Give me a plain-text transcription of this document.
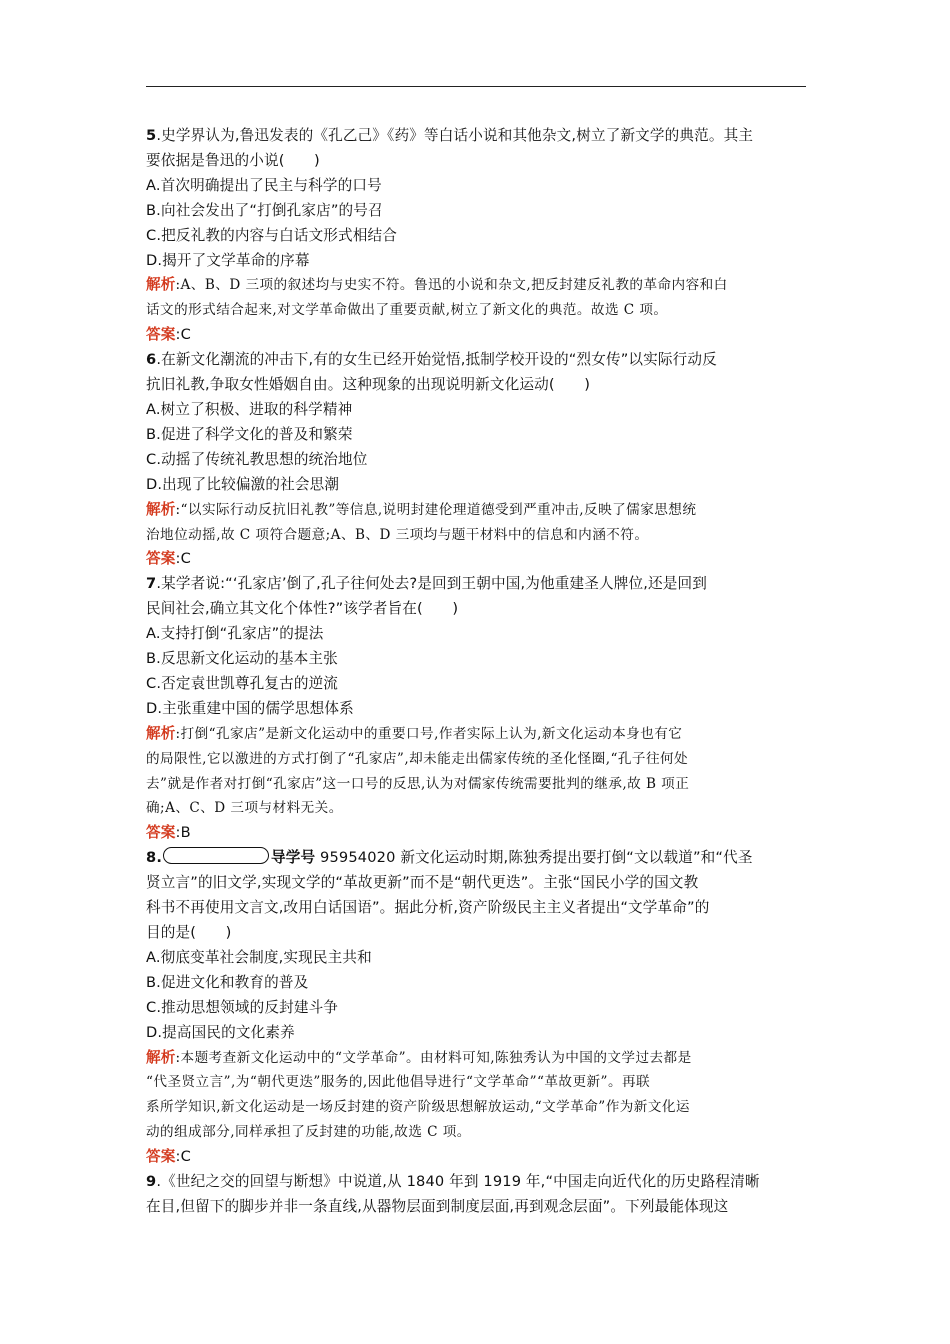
5.史学界认为,鲁迅发表的《孔乙己》《药》等白话小说和其他杂文,树立了新文学的典范。其主
要依据是鲁迅的小说(　　)
A.首次明确提出了民主与科学的口号
B.向社会发出了“打倒孔家店”的号召
C.把反礼教的内容与白话文形式相结合
D.揭开了文学革命的序幕
解析:A、B、D 三项的叙述均与史实不符。鲁迅的小说和杂文,把反封建反礼教的革命内容和白
话文的形式结合起来,对文学革命做出了重要贡献,树立了新文化的典范。故选 C 项。
答案:C
6.在新文化潮流的冲击下,有的女生已经开始觉悟,抵制学校开设的“烈女传”以实际行动反
抗旧礼教,争取女性婚姻自由。这种现象的出现说明新文化运动(　　)
A.树立了积极、进取的科学精神
B.促进了科学文化的普及和繁荣
C.动摇了传统礼教思想的统治地位
D.出现了比较偏激的社会思潮
解析:“以实际行动反抗旧礼教”等信息,说明封建伦理道德受到严重冲击,反映了儒家思想统
治地位动摇,故 C 项符合题意;A、B、D 三项均与题干材料中的信息和内涵不符。
答案:C
7.某学者说:“‘孔家店’倒了,孔子往何处去?是回到王朝中国,为他重建圣人牌位,还是回到
民间社会,确立其文化个体性?”该学者旨在(　　)
A.支持打倒“孔家店”的提法
B.反思新文化运动的基本主张
C.否定袁世凯尊孔复古的逆流
D.主张重建中国的儒学思想体系
解析:打倒“孔家店”是新文化运动中的重要口号,作者实际上认为,新文化运动本身也有它
的局限性,它以激进的方式打倒了“孔家店”,却未能走出儒家传统的圣化怪圈,“孔子往何处
去”就是作者对打倒“孔家店”这一口号的反思,认为对儒家传统需要批判的继承,故 B 项正
确;A、C、D 三项与材料无关。
答案:B
8.	导学号 95954020 新文化运动时期,陈独秀提出要打倒“文以载道”和“代圣
贤立言”的旧文学,实现文学的“革故更新”而不是“朝代更迭”。主张“国民小学的国文教
科书不再使用文言文,改用白话国语”。据此分析,资产阶级民主主义者提出“文学革命”的
目的是(　　)
A.彻底变革社会制度,实现民主共和
B.促进文化和教育的普及
C.推动思想领域的反封建斗争
D.提高国民的文化素养
解析:本题考查新文化运动中的“文学革命”。由材料可知,陈独秀认为中国的文学过去都是
“代圣贤立言”,为“朝代更迭”服务的,因此他倡导进行“文学革命”“革故更新”。再联
系所学知识,新文化运动是一场反封建的资产阶级思想解放运动,“文学革命”作为新文化运
动的组成部分,同样承担了反封建的功能,故选 C 项。
答案:C
9.《世纪之交的回望与断想》中说道,从 1840 年到 1919 年,“中国走向近代化的历史路程清晰
在目,但留下的脚步并非一条直线,从器物层面到制度层面,再到观念层面”。下列最能体现这
